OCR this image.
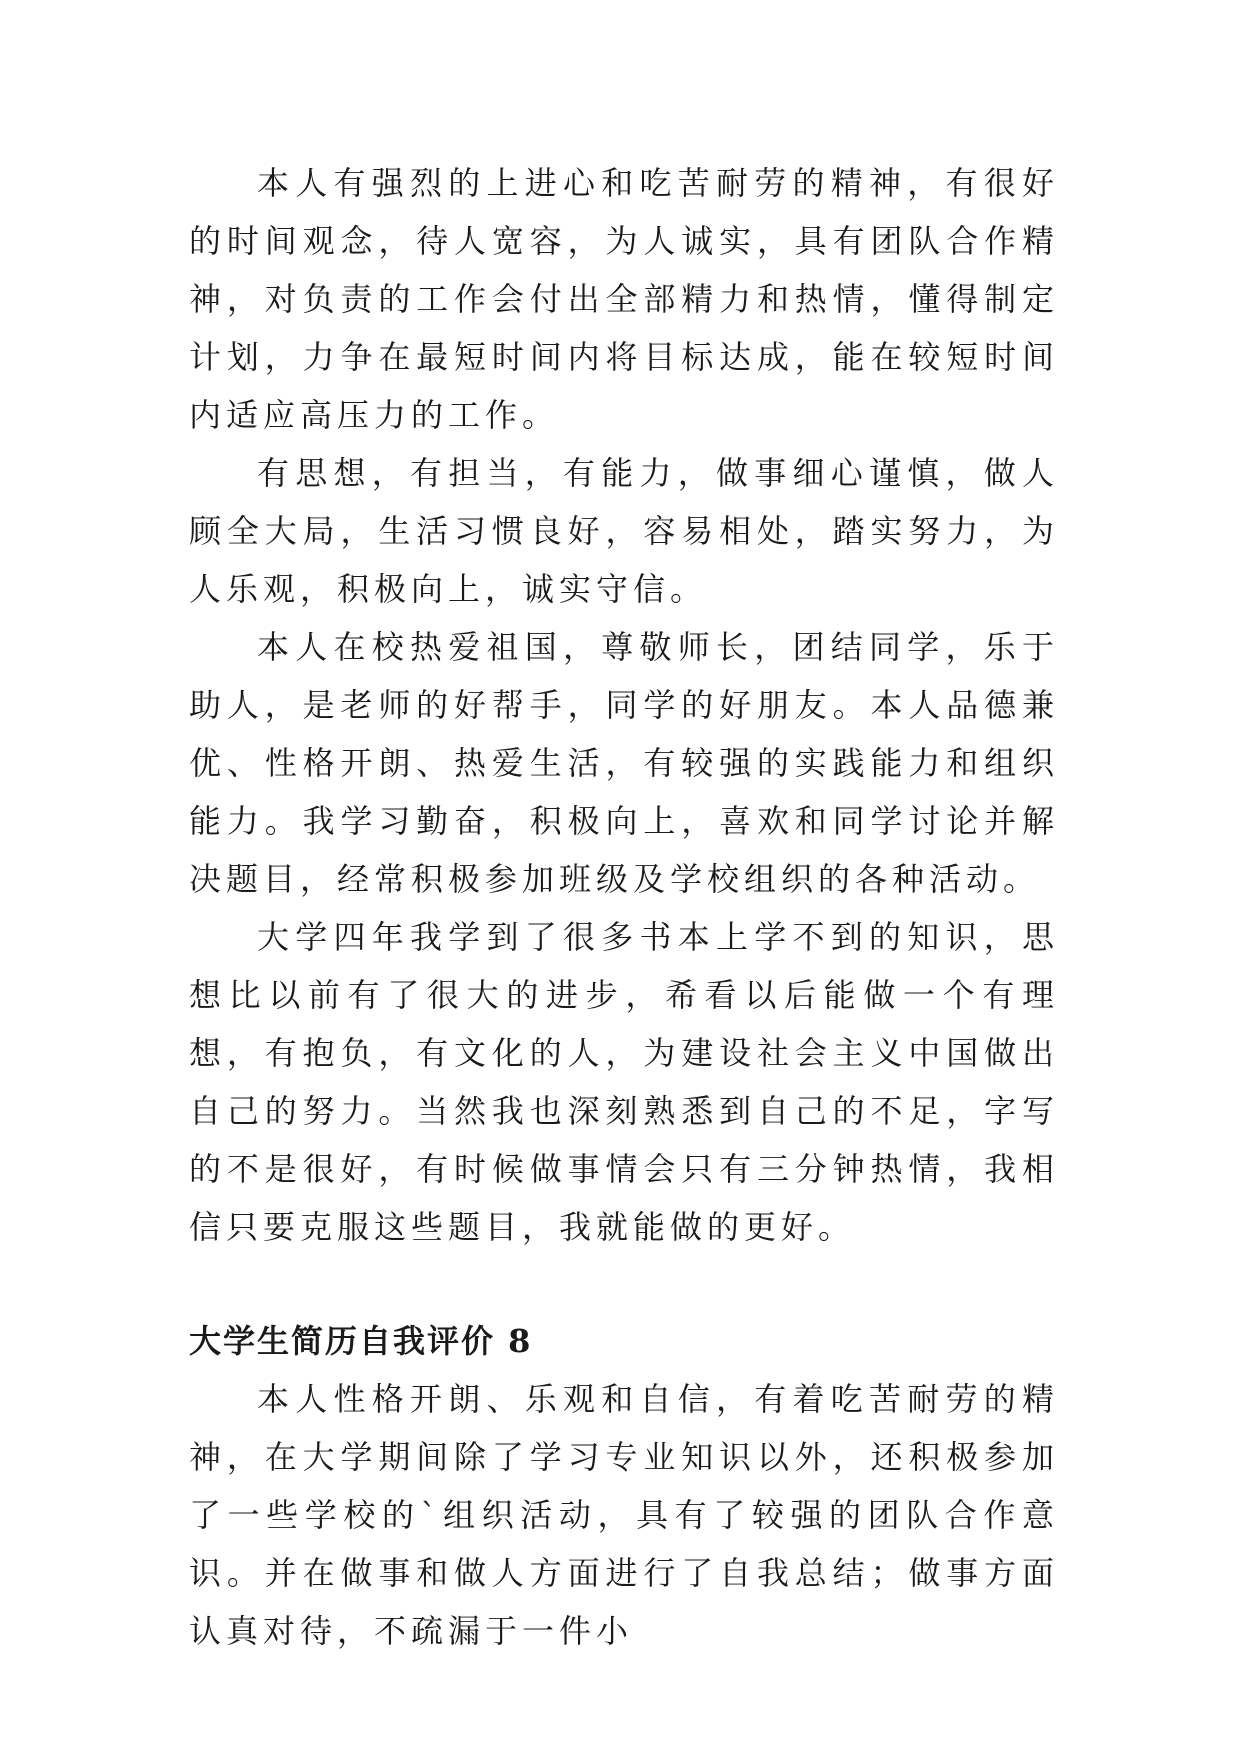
本人有强烈的上进心和吃苦耐劳的精神，有很好的时间观念，待人宽容，为人诚实，具有团队合作精神，对负责的工作会付出全部精力和热情，懂得制定计划，力争在最短时间内将目标达成，能在较短时间内适应高压力的工作。

有思想，有担当，有能力，做事细心谨慎，做人顾全大局，生活习惯良好，容易相处，踏实努力，为人乐观，积极向上，诚实守信。

本人在校热爱祖国，尊敬师长，团结同学，乐于助人，是老师的好帮手，同学的好朋友。本人品德兼优、性格开朗、热爱生活，有较强的实践能力和组织能力。我学习勤奋，积极向上，喜欢和同学讨论并解决题目，经常积极参加班级及学校组织的各种活动。

大学四年我学到了很多书本上学不到的知识，思想比以前有了很大的进步，希看以后能做一个有理想，有抱负，有文化的人，为建设社会主义中国做出自己的努力。当然我也深刻熟悉到自己的不足，字写的不是很好，有时候做事情会只有三分钟热情，我相信只要克服这些题目，我就能做的更好。

大学生简历自我评价 8

本人性格开朗、乐观和自信，有着吃苦耐劳的精神，在大学期间除了学习专业知识以外，还积极参加了一些学校的`组织活动，具有了较强的团队合作意识。并在做事和做人方面进行了自我总结；做事方面认真对待，不疏漏于一件小
